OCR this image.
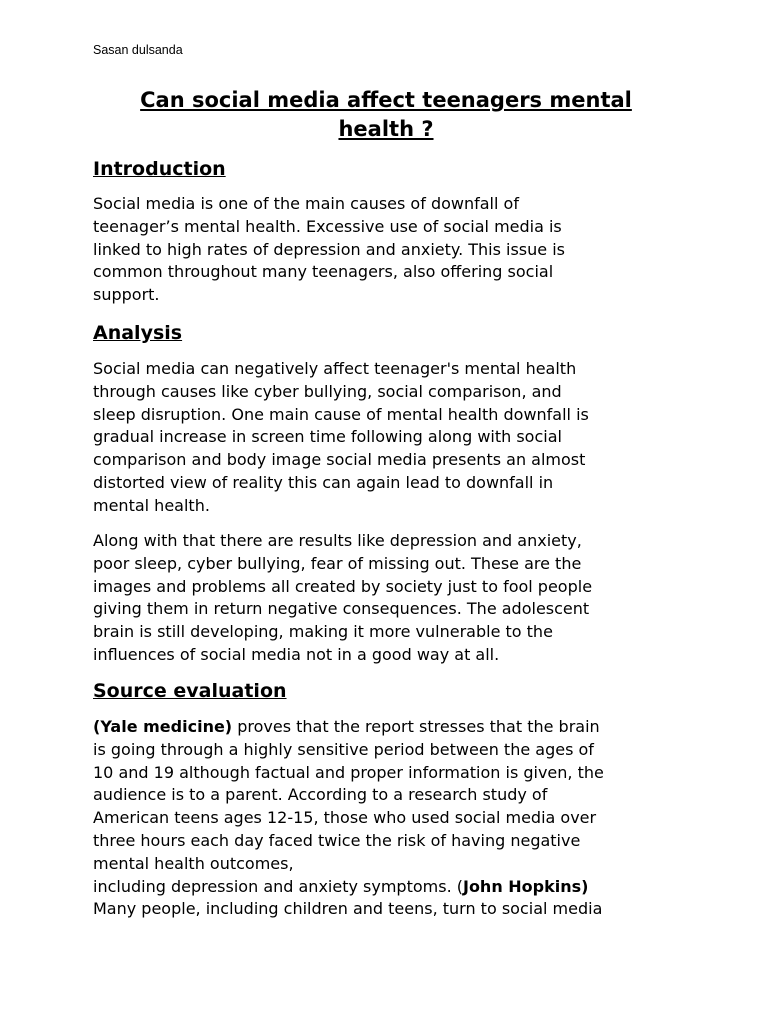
Sasan dulsanda
Can social media affect teenagers mental
health ?
Introduction

Social media is one of the main causes of downfall of
teenager’s mental health. Excessive use of social media is
linked to high rates of depression and anxiety. This issue is
common throughout many teenagers, also offering social
support.

Analysis

Social media can negatively affect teenager's mental health
through causes like cyber bullying, social comparison, and
sleep disruption. One main cause of mental health downfall is
gradual increase in screen time following along with social
comparison and body image social media presents an almost
distorted view of reality this can again lead to downfall in
mental health.

Along with that there are results like depression and anxiety,
poor sleep, cyber bullying, fear of missing out. These are the
images and problems all created by society just to fool people
giving them in return negative consequences. The adolescent
brain is still developing, making it more vulnerable to the
influences of social media not in a good way at all.

Source evaluation

(Yale medicine) proves that the report stresses that the brain
is going through a highly sensitive period between the ages of
10 and 19 although factual and proper information is given, the
audience is to a parent. According to a research study of
American teens ages 12-15, those who used social media over
three hours each day faced twice the risk of having negative
mental health outcomes,
including depression and anxiety symptoms. (John Hopkins)
Many people, including children and teens, turn to social media
